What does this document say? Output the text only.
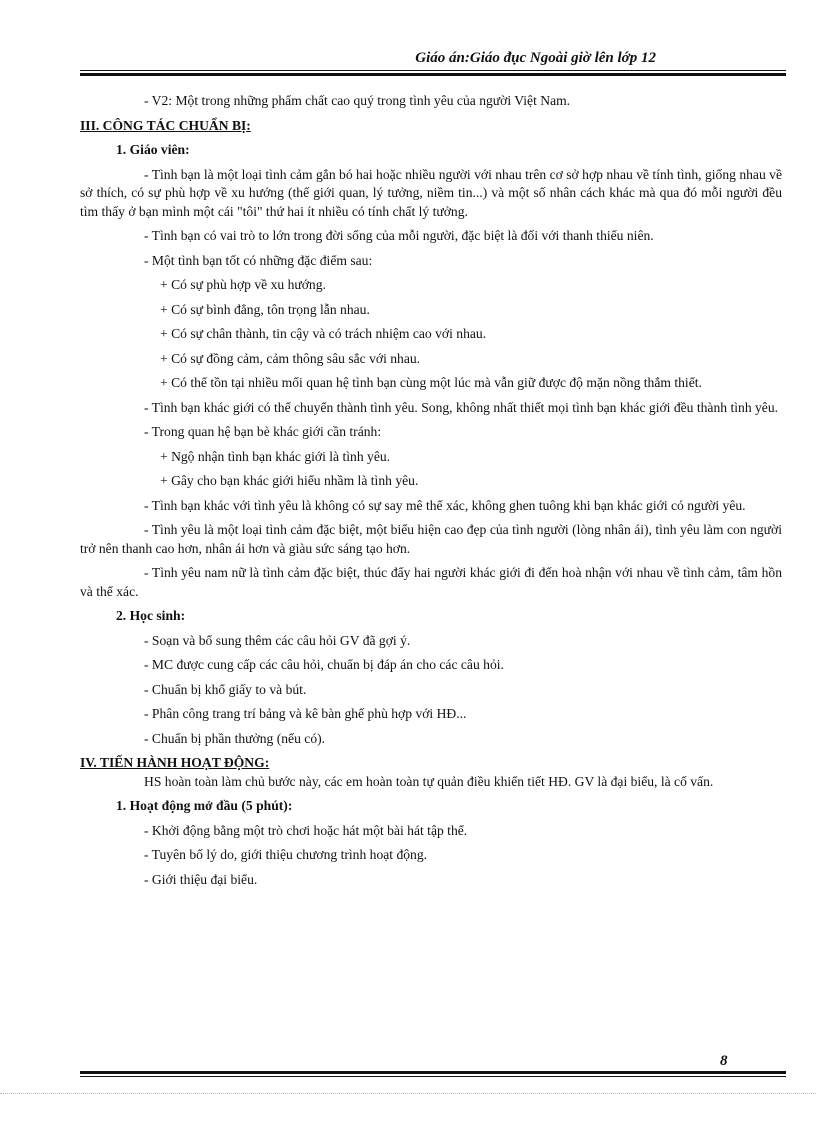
Giáo án:Giáo đục Ngoài giờ lên lớp 12

- V2: Một trong những phẩm chất cao quý trong tình yêu của người Việt Nam.

III. CÔNG TÁC CHUẨN BỊ:

1. Giáo viên:

- Tình bạn là một loại tình cảm gắn bó hai hoặc nhiều người với nhau trên cơ sở hợp nhau về tính tình, giống nhau về sở thích, có sự phù hợp về xu hướng (thế giới quan, lý tưởng, niềm tin...) và một số nhân cách khác mà qua đó mỗi người đều tìm thấy ở bạn mình một cái "tôi" thứ hai ít nhiều có tính chất lý tưởng.

- Tình bạn có vai trò to lớn trong đời sống của mỗi người, đặc biệt là đối với thanh thiếu niên.

- Một tình bạn tốt có những đặc điểm sau:

+ Có sự phù hợp về xu hướng.

+ Có sự bình đẳng, tôn trọng lẫn nhau.

+ Có sự chân thành, tin cậy và có trách nhiệm cao với nhau.

+ Có sự đồng cảm, cảm thông sâu sắc với nhau.

+ Có thể tồn tại nhiều mối quan hệ tình bạn cùng một lúc mà vẫn giữ được độ mặn nồng thắm thiết.

- Tình bạn khác giới có thể chuyển thành tình yêu. Song, không nhất thiết mọi tình bạn khác giới đều thành tình yêu.

- Trong quan hệ bạn bè khác giới cần tránh:

+ Ngộ nhận tình bạn khác giới là tình yêu.

+ Gây cho bạn khác giới hiểu nhầm là tình yêu.

- Tình bạn khác với tình yêu là không có sự say mê thể xác, không ghen tuông khi bạn khác giới có người yêu.

- Tình yêu là một loại tình cảm đặc biệt, một biểu hiện cao đẹp của tình người (lòng nhân ái), tình yêu làm con người trở nên thanh cao hơn, nhân ái hơn và giàu sức sáng tạo hơn.

- Tình yêu nam nữ là tình cảm đặc biệt, thúc đẩy hai người khác giới đi đến hoà nhận với nhau về tình cảm, tâm hồn và thể xác.

2. Học sinh:

- Soạn và bổ sung thêm các câu hỏi GV đã gợi ý.

- MC được cung cấp các câu hỏi, chuẩn bị đáp án cho các câu hỏi.

- Chuẩn bị khổ giấy to và bút.

- Phân công trang trí bảng và kê bàn ghế phù hợp với HĐ...

- Chuẩn bị phần thưởng (nếu có).

IV. TIẾN HÀNH HOẠT ĐỘNG:

HS hoàn toàn làm chủ bước này, các em hoàn toàn tự quản điều khiển tiết HĐ. GV là đại biểu, là cố vấn.

1. Hoạt động mở đầu (5 phút):

- Khởi động bằng một trò chơi hoặc hát một bài hát tập thể.

- Tuyên bố lý do, giới thiệu chương trình hoạt động.

- Giới thiệu đại biểu.

8
